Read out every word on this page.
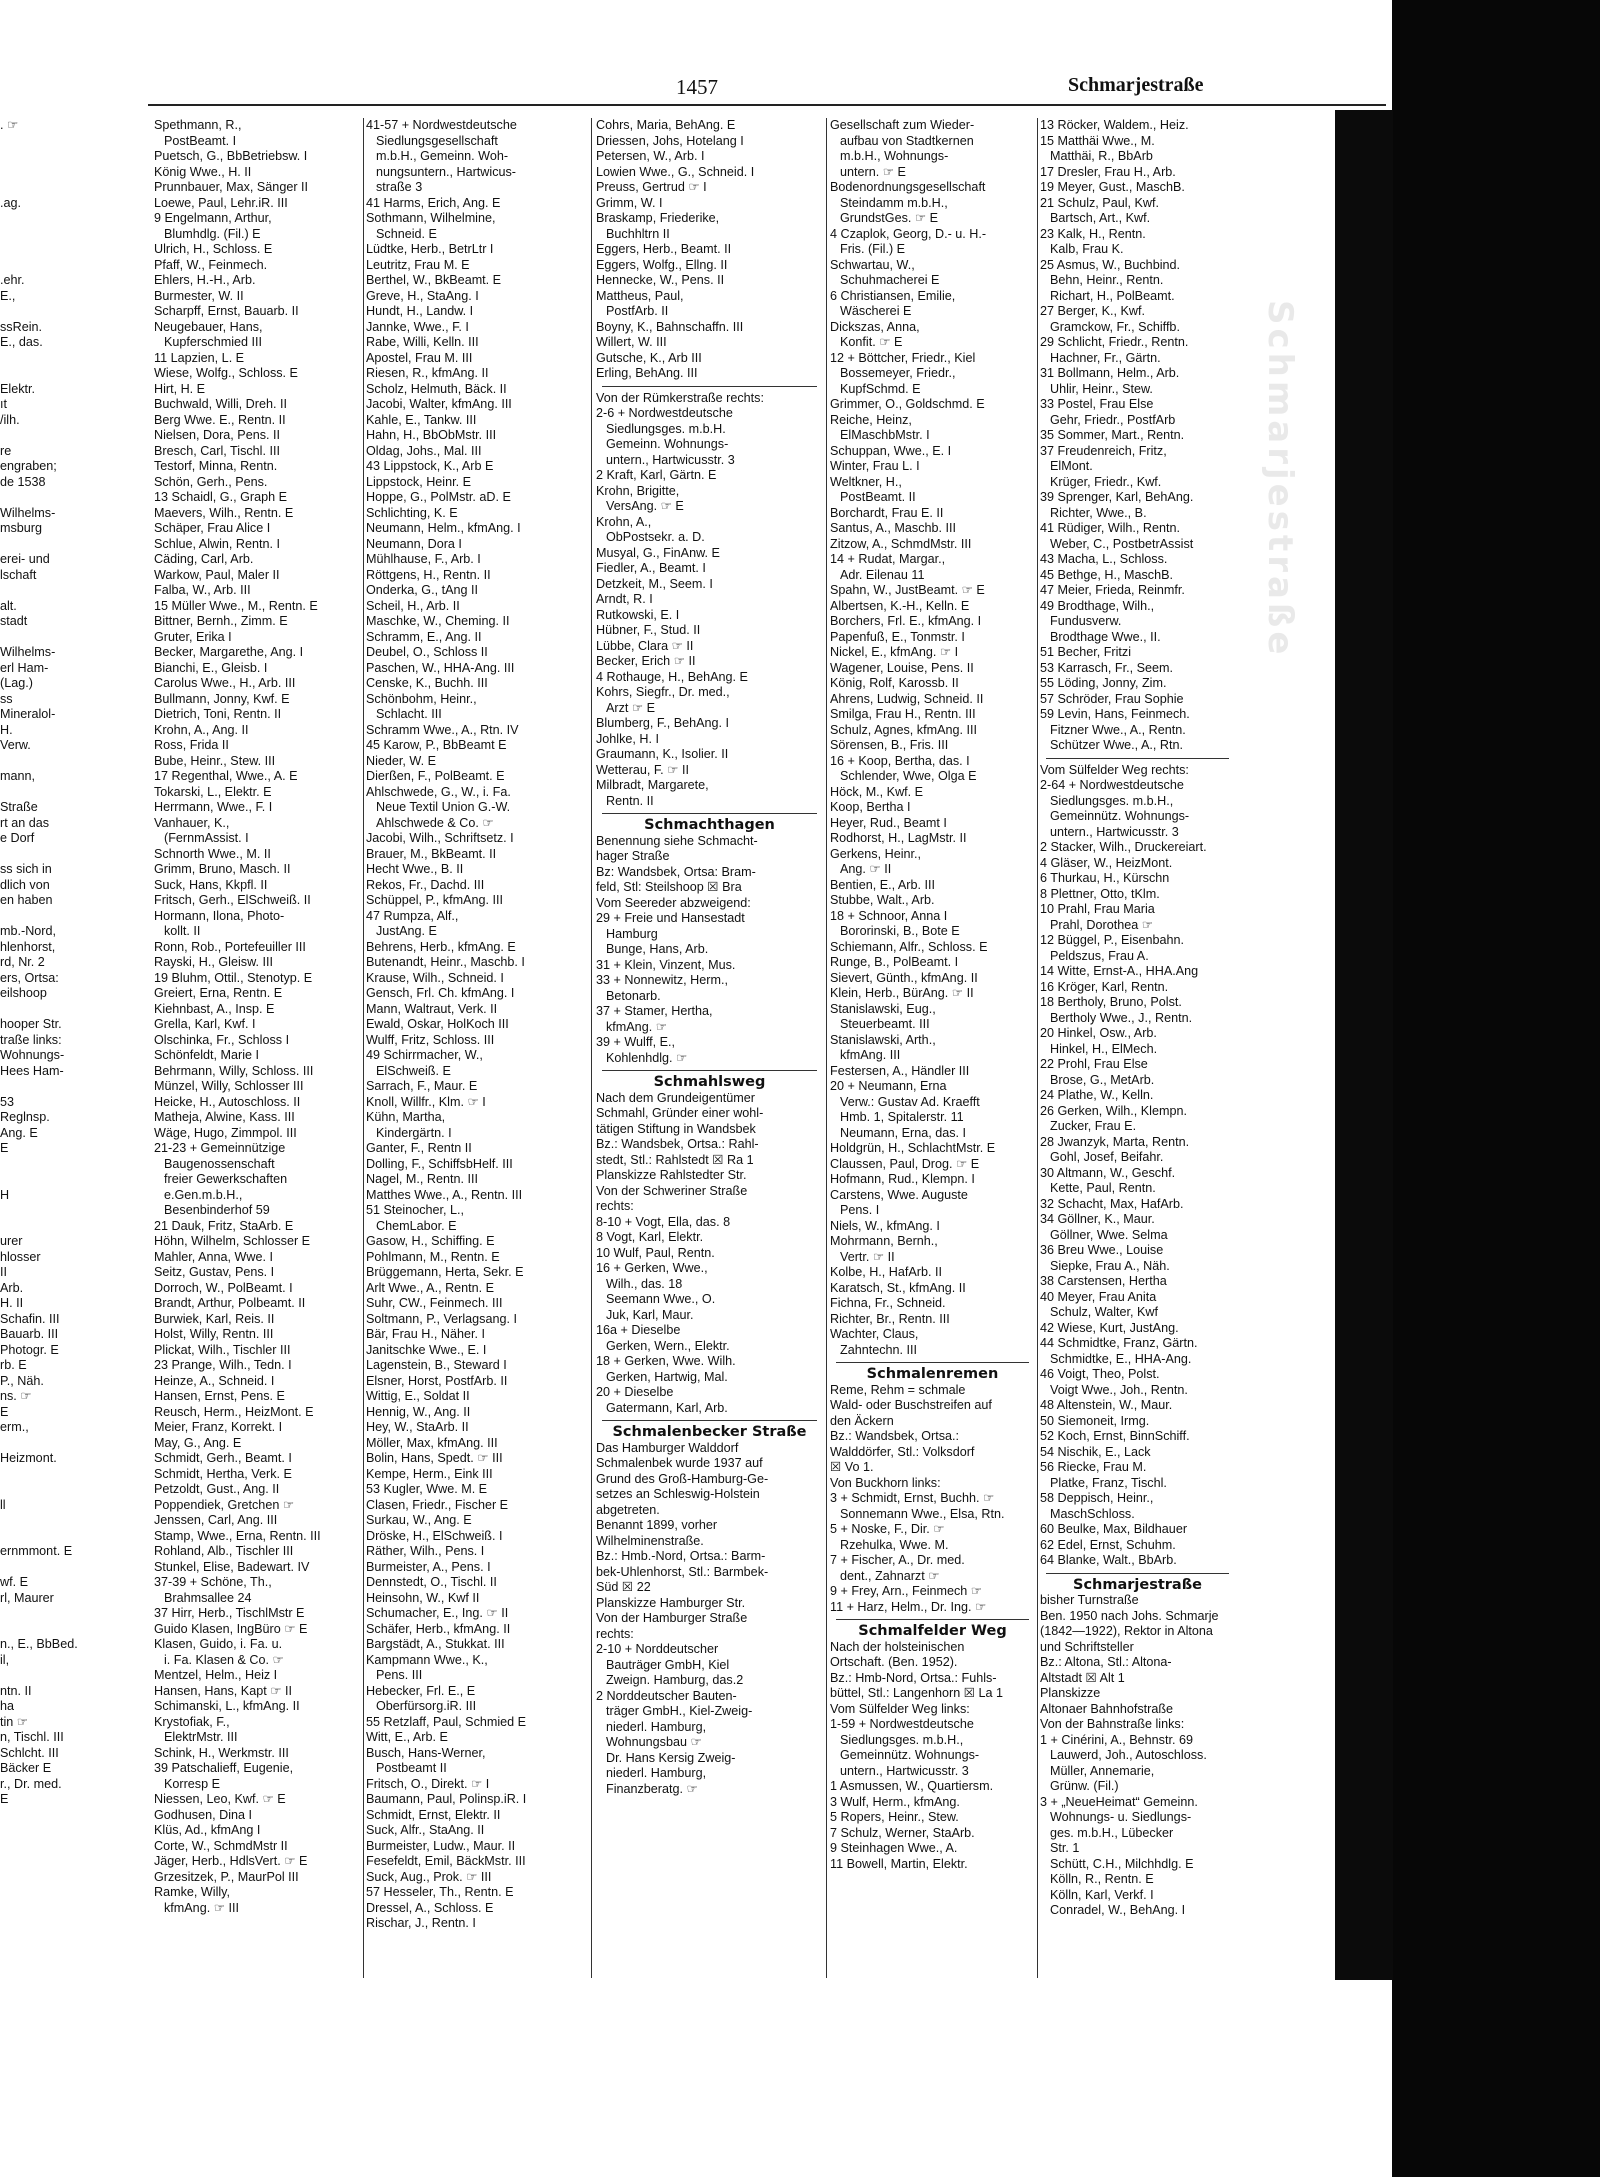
Schmarjestraße
1457	Schmarjestraße
. ☞

.ag.

.ehr.
E.,

ssRein.
E., das.

Elektr.
ıt
/ilh.

re
engraben;
de 1538

Wilhelms-
msburg

erei- und
lschaft

alt.
stadt

Wilhelms-
erl Ham-
(Lag.)
ss
Mineralol-
H.
Verw.

mann,

Straße
rt an das
e Dorf

ss sich in
dlich von
en haben

mb.-Nord,
hlenhorst,
rd, Nr. 2
ers, Ortsa:
eilshoop

hooper Str.
traße links:
Wohnungs-
Hees Ham-

53
Reglnsp.
Ang. E
E

H

urer
hlosser
II
Arb.
H. II
Schafin. III
Bauarb. III
Photogr. E
rb. E
P., Näh.
ns. ☞
E
erm.,

Heizmont.

ll

ernmmont. E

wf. E
rl, Maurer

n., E., BbBed.
il,

ntn. II
ha
tin ☞
n, Tischl. III
Schlcht. III
Bäcker E
r., Dr. med.
E
Spethmann, R.,
PostBeamt. I
Puetsch, G., BbBetriebsw. I
König Wwe., H. II
Prunnbauer, Max, Sänger II
Loewe, Paul, Lehr.iR. III
9 Engelmann, Arthur,
Blumhdlg. (Fil.) E
Ulrich, H., Schloss. E
Pfaff, W., Feinmech.
Ehlers, H.-H., Arb.
Burmester, W. II
Scharpff, Ernst, Bauarb. II
Neugebauer, Hans,
Kupferschmied III
11 Lapzien, L. E
Wiese, Wolfg., Schloss. E
Hirt, H. E
Buchwald, Willi, Dreh. II
Berg Wwe. E., Rentn. II
Nielsen, Dora, Pens. II
Bresch, Carl, Tischl. III
Testorf, Minna, Rentn.
Schön, Gerh., Pens.
13 Schaidl, G., Graph E
Maevers, Wilh., Rentn. E
Schäper, Frau Alice I
Schlue, Alwin, Rentn. I
Cäding, Carl, Arb.
Warkow, Paul, Maler II
Falba, W., Arb. III
15 Müller Wwe., M., Rentn. E
Bittner, Bernh., Zimm. E
Gruter, Erika I
Becker, Margarethe, Ang. I
Bianchi, E., Gleisb. I
Carolus Wwe., H., Arb. III
Bullmann, Jonny, Kwf. E
Dietrich, Toni, Rentn. II
Krohn, A., Ang. II
Ross, Frida II
Bube, Heinr., Stew. III
17 Regenthal, Wwe., A. E
Tokarski, L., Elektr. E
Herrmann, Wwe., F. I
Vanhauer, K.,
(FernmAssist. I
Schnorth Wwe., M. II
Grimm, Bruno, Masch. II
Suck, Hans, Kkpfl. II
Fritsch, Gerh., ElSchweiß. II
Hormann, Ilona, Photo-
kollt. II
Ronn, Rob., Portefeuiller III
Rayski, H., Gleisw. III
19 Bluhm, Ottil., Stenotyp. E
Greiert, Erna, Rentn. E
Kiehnbast, A., Insp. E
Grella, Karl, Kwf. I
Olschinka, Fr., Schloss I
Schönfeldt, Marie I
Behrmann, Willy, Schloss. III
Münzel, Willy, Schlosser III
Heicke, H., Autoschloss. II
Matheja, Alwine, Kass. III
Wäge, Hugo, Zimmpol. III
21-23 + Gemeinnützige
Baugenossenschaft
freier Gewerkschaften
e.Gen.m.b.H.,
Besenbinderhof 59
21 Dauk, Fritz, StaArb. E
Höhn, Wilhelm, Schlosser E
Mahler, Anna, Wwe. I
Seitz, Gustav, Pens. I
Dorroch, W., PolBeamt. I
Brandt, Arthur, Polbeamt. II
Burwiek, Karl, Reis. II
Holst, Willy, Rentn. III
Plickat, Wilh., Tischler III
23 Prange, Wilh., Tedn. I
Heinze, A., Schneid. I
Hansen, Ernst, Pens. E
Reusch, Herm., HeizMont. E
Meier, Franz, Korrekt. I
May, G., Ang. E
Schmidt, Gerh., Beamt. I
Schmidt, Hertha, Verk. E
Petzoldt, Gust., Ang. II
Poppendiek, Gretchen ☞
Jenssen, Carl, Ang. III
Stamp, Wwe., Erna, Rentn. III
Rohland, Alb., Tischler III
Stunkel, Elise, Badewart. IV
37-39 + Schöne, Th.,
Brahmsallee 24
37 Hirr, Herb., TischlMstr E
Guido Klasen, IngBüro ☞ E
Klasen, Guido, i. Fa. u.
i. Fa. Klasen & Co. ☞
Mentzel, Helm., Heiz I
Hansen, Hans, Kapt ☞ II
Schimanski, L., kfmAng. II
Krystofiak, F.,
ElektrMstr. III
Schink, H., Werkmstr. III
39 Patschalieff, Eugenie,
Korresp E
Niessen, Leo, Kwf. ☞ E
Godhusen, Dina I
Klüs, Ad., kfmAng I
Corte, W., SchmdMstr II
Jäger, Herb., HdlsVert. ☞ E
Grzesitzek, P., MaurPol III
Ramke, Willy,
kfmAng. ☞ III
41-57 + Nordwestdeutsche
Siedlungsgesellschaft
m.b.H., Gemeinn. Woh-
nungsuntern., Hartwicus-
straße 3
41 Harms, Erich, Ang. E
Sothmann, Wilhelmine,
Schneid. E
Lüdtke, Herb., BetrLtr I
Leutritz, Frau M. E
Berthel, W., BkBeamt. E
Greve, H., StaAng. I
Hundt, H., Landw. I
Jannke, Wwe., F. I
Rabe, Willi, Kelln. III
Apostel, Frau M. III
Riesen, R., kfmAng. II
Scholz, Helmuth, Bäck. II
Jacobi, Walter, kfmAng. III
Kahle, E., Tankw. III
Hahn, H., BbObMstr. III
Oldag, Johs., Mal. III
43 Lippstock, K., Arb E
Lippstock, Heinr. E
Hoppe, G., PolMstr. aD. E
Schlichting, K. E
Neumann, Helm., kfmAng. I
Neumann, Dora I
Mühlhause, F., Arb. I
Röttgens, H., Rentn. II
Onderka, G., tAng II
Scheil, H., Arb. II
Maschke, W., Cheming. II
Schramm, E., Ang. II
Deubel, O., Schloss II
Paschen, W., HHA-Ang. III
Censke, K., Buchh. III
Schönbohm, Heinr.,
Schlacht. III
Schramm Wwe., A., Rtn. IV
45 Karow, P., BbBeamt E
Nieder, W. E
Dierßen, F., PolBeamt. E
Ahlschwede, G., W., i. Fa.
Neue Textil Union G.-W.
Ahlschwede & Co. ☞
Jacobi, Wilh., Schriftsetz. I
Brauer, M., BkBeamt. II
Hecht Wwe., B. II
Rekos, Fr., Dachd. III
Schüppel, P., kfmAng. III
47 Rumpza, Alf.,
JustAng. E
Behrens, Herb., kfmAng. E
Butenandt, Heinr., Maschb. I
Krause, Wilh., Schneid. I
Gensch, Frl. Ch. kfmAng. I
Mann, Waltraut, Verk. II
Ewald, Oskar, HolKoch III
Wulff, Fritz, Schloss. III
49 Schirrmacher, W.,
ElSchweiß. E
Sarrach, F., Maur. E
Knoll, Willfr., Klm. ☞ I
Kühn, Martha,
Kindergärtn. I
Ganter, F., Rentn II
Dolling, F., SchiffsbHelf. III
Nagel, M., Rentn. III
Matthes Wwe., A., Rentn. III
51 Steinocher, L.,
ChemLabor. E
Gasow, H., Schiffing. E
Pohlmann, M., Rentn. E
Brüggemann, Herta, Sekr. E
Arlt Wwe., A., Rentn. E
Suhr, CW., Feinmech. III
Soltmann, P., Verlagsang. I
Bär, Frau H., Näher. I
Janitschke Wwe., E. I
Lagenstein, B., Steward I
Elsner, Horst, PostfArb. II
Wittig, E., Soldat II
Hennig, W., Ang. II
Hey, W., StaArb. II
Möller, Max, kfmAng. III
Bolin, Hans, Spedt. ☞ III
Kempe, Herm., Eink III
53 Kugler, Wwe. M. E
Clasen, Friedr., Fischer E
Surkau, W., Ang. E
Dröske, H., ElSchweiß. I
Räther, Wilh., Pens. I
Burmeister, A., Pens. I
Dennstedt, O., Tischl. II
Heinsohn, W., Kwf II
Schumacher, E., Ing. ☞ II
Schäfer, Herb., kfmAng. II
Bargstädt, A., Stukkat. III
Kampmann Wwe., K.,
Pens. III
Hebecker, Frl. E., E
Oberfürsorg.iR. III
55 Retzlaff, Paul, Schmied E
Witt, E., Arb. E
Busch, Hans-Werner,
Postbeamt II
Fritsch, O., Direkt. ☞ I
Baumann, Paul, Polinsp.iR. I
Schmidt, Ernst, Elektr. II
Suck, Alfr., StaAng. II
Burmeister, Ludw., Maur. II
Fesefeldt, Emil, BäckMstr. III
Suck, Aug., Prok. ☞ III
57 Hesseler, Th., Rentn. E
Dressel, A., Schloss. E
Rischar, J., Rentn. I
Cohrs, Maria, BehAng. E
Driessen, Johs, Hotelang I
Petersen, W., Arb. I
Lowien Wwe., G., Schneid. I
Preuss, Gertrud ☞ I
Grimm, W. I
Braskamp, Friederike,
Buchhltrn II
Eggers, Herb., Beamt. II
Eggers, Wolfg., Ellng. II
Hennecke, W., Pens. II
Mattheus, Paul,
PostfArb. II
Boyny, K., Bahnschaffn. III
Willert, W. III
Gutsche, K., Arb III
Erling, BehAng. III
Von der Rümkerstraße rechts:
2-6 + Nordwestdeutsche
Siedlungsges. m.b.H.
Gemeinn. Wohnungs-
untern., Hartwicusstr. 3
2 Kraft, Karl, Gärtn. E
Krohn, Brigitte,
VersAng. ☞ E
Krohn, A.,
ObPostsekr. a. D.
Musyal, G., FinAnw. E
Fiedler, A., Beamt. I
Detzkeit, M., Seem. I
Arndt, R. I
Rutkowski, E. I
Hübner, F., Stud. II
Lübbe, Clara ☞ II
Becker, Erich ☞ II
4 Rothauge, H., BehAng. E
Kohrs, Siegfr., Dr. med.,
Arzt ☞ E
Blumberg, F., BehAng. I
Johlke, H. I
Graumann, K., Isolier. II
Wetterau, F. ☞ II
Milbradt, Margarete,
Rentn. II
Schmachthagen
Benennung siehe Schmacht-
hager Straße
Bz: Wandsbek, Ortsa: Bram-
feld, Stl: Steilshoop ☒ Bra
Vom Seereder abzweigend:
29 + Freie und Hansestadt
Hamburg
Bunge, Hans, Arb.
31 + Klein, Vinzent, Mus.
33 + Nonnewitz, Herm.,
Betonarb.
37 + Stamer, Hertha,
kfmAng. ☞
39 + Wulff, E.,
Kohlenhdlg. ☞
Schmahlsweg
Nach dem Grundeigentümer
Schmahl, Gründer einer wohl-
tätigen Stiftung in Wandsbek
Bz.: Wandsbek, Ortsa.: Rahl-
stedt, Stl.: Rahlstedt ☒ Ra 1
Planskizze Rahlstedter Str.
Von der Schweriner Straße
rechts:
8-10 + Vogt, Ella, das. 8
8 Vogt, Karl, Elektr.
10 Wulf, Paul, Rentn.
16 + Gerken, Wwe.,
Wilh., das. 18
Seemann Wwe., O.
Juk, Karl, Maur.
16a + Dieselbe
Gerken, Wern., Elektr.
18 + Gerken, Wwe. Wilh.
Gerken, Hartwig, Mal.
20 + Dieselbe
Gatermann, Karl, Arb.
Schmalenbecker Straße
Das Hamburger Walddorf
Schmalenbek wurde 1937 auf
Grund des Groß-Hamburg-Ge-
setzes an Schleswig-Holstein
abgetreten.
Benannt 1899, vorher
Wilhelminenstraße.
Bz.: Hmb.-Nord, Ortsa.: Barm-
bek-Uhlenhorst, Stl.: Barmbek-
Süd ☒ 22
Planskizze Hamburger Str.
Von der Hamburger Straße
rechts:
2-10 + Norddeutscher
Bauträger GmbH, Kiel
Zweign. Hamburg, das.2
2 Norddeutscher Bauten-
träger GmbH., Kiel-Zweig-
niederl. Hamburg,
Wohnungsbau ☞
Dr. Hans Kersig Zweig-
niederl. Hamburg,
Finanzberatg. ☞
Gesellschaft zum Wieder-
aufbau von Stadtkernen
m.b.H., Wohnungs-
untern. ☞ E
Bodenordnungsgesellschaft
Steindamm m.b.H.,
GrundstGes. ☞ E
4 Czaplok, Georg, D.- u. H.-
Fris. (Fil.) E
Schwartau, W.,
Schuhmacherei E
6 Christiansen, Emilie,
Wäscherei E
Dickszas, Anna,
Konfit. ☞ E
12 + Böttcher, Friedr., Kiel
Bossemeyer, Friedr.,
KupfSchmd. E
Grimmer, O., Goldschmd. E
Reiche, Heinz,
ElMaschbMstr. I
Schuppan, Wwe., E. I
Winter, Frau L. I
Weltkner, H.,
PostBeamt. II
Borchardt, Frau E. II
Santus, A., Maschb. III
Zitzow, A., SchmdMstr. III
14 + Rudat, Margar.,
Adr. Eilenau 11
Spahn, W., JustBeamt. ☞ E
Albertsen, K.-H., Kelln. E
Borchers, Frl. E., kfmAng. I
Papenfuß, E., Tonmstr. I
Nickel, E., kfmAng. ☞ I
Wagener, Louise, Pens. II
König, Rolf, Karossb. II
Ahrens, Ludwig, Schneid. II
Smilga, Frau H., Rentn. III
Schulz, Agnes, kfmAng. III
Sörensen, B., Fris. III
16 + Koop, Bertha, das. I
Schlender, Wwe, Olga E
Höck, M., Kwf. E
Koop, Bertha I
Heyer, Rud., Beamt I
Rodhorst, H., LagMstr. II
Gerkens, Heinr.,
Ang. ☞ II
Bentien, E., Arb. III
Stubbe, Walt., Arb.
18 + Schnoor, Anna I
Bororinski, B., Bote E
Schiemann, Alfr., Schloss. E
Runge, B., PolBeamt. I
Sievert, Günth., kfmAng. II
Klein, Herb., BürAng. ☞ II
Stanislawski, Eug.,
Steuerbeamt. III
Stanislawski, Arth.,
kfmAng. III
Festersen, A., Händler III
20 + Neumann, Erna
Verw.: Gustav Ad. Kraefft
Hmb. 1, Spitalerstr. 11
Neumann, Erna, das. I
Holdgrün, H., SchlachtMstr. E
Claussen, Paul, Drog. ☞ E
Hofmann, Rud., Klempn. I
Carstens, Wwe. Auguste
Pens. I
Niels, W., kfmAng. I
Mohrmann, Bernh.,
Vertr. ☞ II
Kolbe, H., HafArb. II
Karatsch, St., kfmAng. II
Fichna, Fr., Schneid.
Richter, Br., Rentn. III
Wachter, Claus,
Zahntechn. III
Schmalenremen
Reme, Rehm = schmale
Wald- oder Buschstreifen auf
den Äckern
Bz.: Wandsbek, Ortsa.:
Walddörfer, Stl.: Volksdorf
☒ Vo 1.
Von Buckhorn links:
3 + Schmidt, Ernst, Buchh. ☞
Sonnemann Wwe., Elsa, Rtn.
5 + Noske, F., Dir. ☞
Rzehulka, Wwe. M.
7 + Fischer, A., Dr. med.
dent., Zahnarzt ☞
9 + Frey, Arn., Feinmech ☞
11 + Harz, Helm., Dr. Ing. ☞
Schmalfelder Weg
Nach der holsteinischen
Ortschaft. (Ben. 1952).
Bz.: Hmb-Nord, Ortsa.: Fuhls-
büttel, Stl.: Langenhorn ☒ La 1
Vom Sülfelder Weg links:
1-59 + Nordwestdeutsche
Siedlungsges. m.b.H.,
Gemeinnütz. Wohnungs-
untern., Hartwicusstr. 3
1 Asmussen, W., Quartiersm.
3 Wulf, Herm., kfmAng.
5 Ropers, Heinr., Stew.
7 Schulz, Werner, StaArb.
9 Steinhagen Wwe., A.
11 Bowell, Martin, Elektr.
13 Röcker, Waldem., Heiz.
15 Matthäi Wwe., M.
Matthäi, R., BbArb
17 Dresler, Frau H., Arb.
19 Meyer, Gust., MaschB.
21 Schulz, Paul, Kwf.
Bartsch, Art., Kwf.
23 Kalk, H., Rentn.
Kalb, Frau K.
25 Asmus, W., Buchbind.
Behn, Heinr., Rentn.
Richart, H., PolBeamt.
27 Berger, K., Kwf.
Gramckow, Fr., Schiffb.
29 Schlicht, Friedr., Rentn.
Hachner, Fr., Gärtn.
31 Bollmann, Helm., Arb.
Uhlir, Heinr., Stew.
33 Postel, Frau Else
Gehr, Friedr., PostfArb
35 Sommer, Mart., Rentn.
37 Freudenreich, Fritz,
ElMont.
Krüger, Friedr., Kwf.
39 Sprenger, Karl, BehAng.
Richter, Wwe., B.
41 Rüdiger, Wilh., Rentn.
Weber, C., PostbetrAssist
43 Macha, L., Schloss.
45 Bethge, H., MaschB.
47 Meier, Frieda, Reinmfr.
49 Brodthage, Wilh.,
Fundusverw.
Brodthage Wwe., II.
51 Becher, Fritzi
53 Karrasch, Fr., Seem.
55 Löding, Jonny, Zim.
57 Schröder, Frau Sophie
59 Levin, Hans, Feinmech.
Fitzner Wwe., A., Rentn.
Schützer Wwe., A., Rtn.
Vom Sülfelder Weg rechts:
2-64 + Nordwestdeutsche
Siedlungsges. m.b.H.,
Gemeinnütz. Wohnungs-
untern., Hartwicusstr. 3
2 Stacker, Wilh., Druckereiart.
4 Gläser, W., HeizMont.
6 Thurkau, H., Kürschn
8 Plettner, Otto, tKlm.
10 Prahl, Frau Maria
Prahl, Dorothea ☞
12 Büggel, P., Eisenbahn.
Peldszus, Frau A.
14 Witte, Ernst-A., HHA.Ang
16 Kröger, Karl, Rentn.
18 Bertholy, Bruno, Polst.
Bertholy Wwe., J., Rentn.
20 Hinkel, Osw., Arb.
Hinkel, H., ElMech.
22 Prohl, Frau Else
Brose, G., MetArb.
24 Plathe, W., Kelln.
26 Gerken, Wilh., Klempn.
Zucker, Frau E.
28 Jwanzyk, Marta, Rentn.
Gohl, Josef, Beifahr.
30 Altmann, W., Geschf.
Kette, Paul, Rentn.
32 Schacht, Max, HafArb.
34 Göllner, K., Maur.
Göllner, Wwe. Selma
36 Breu Wwe., Louise
Siepke, Frau A., Näh.
38 Carstensen, Hertha
40 Meyer, Frau Anita
Schulz, Walter, Kwf
42 Wiese, Kurt, JustAng.
44 Schmidtke, Franz, Gärtn.
Schmidtke, E., HHA-Ang.
46 Voigt, Theo, Polst.
Voigt Wwe., Joh., Rentn.
48 Altenstein, W., Maur.
50 Siemoneit, Irmg.
52 Koch, Ernst, BinnSchiff.
54 Nischik, E., Lack
56 Riecke, Frau M.
Platke, Franz, Tischl.
58 Deppisch, Heinr.,
MaschSchloss.
60 Beulke, Max, Bildhauer
62 Edel, Ernst, Schuhm.
64 Blanke, Walt., BbArb.
Schmarjestraße
bisher Turnstraße
Ben. 1950 nach Johs. Schmarje
(1842—1922), Rektor in Altona
und Schriftsteller
Bz.: Altona, Stl.: Altona-
Altstadt ☒ Alt 1
Planskizze
Altonaer Bahnhofstraße
Von der Bahnstraße links:
1 + Cinérini, A., Behnstr. 69
Lauwerd, Joh., Autoschloss.
Müller, Annemarie,
Grünw. (Fil.)
3 + „NeueHeimat“ Gemeinn.
Wohnungs- u. Siedlungs-
ges. m.b.H., Lübecker
Str. 1
Schütt, C.H., Milchhdlg. E
Kölln, R., Rentn. E
Kölln, Karl, Verkf. I
Conradel, W., BehAng. I
